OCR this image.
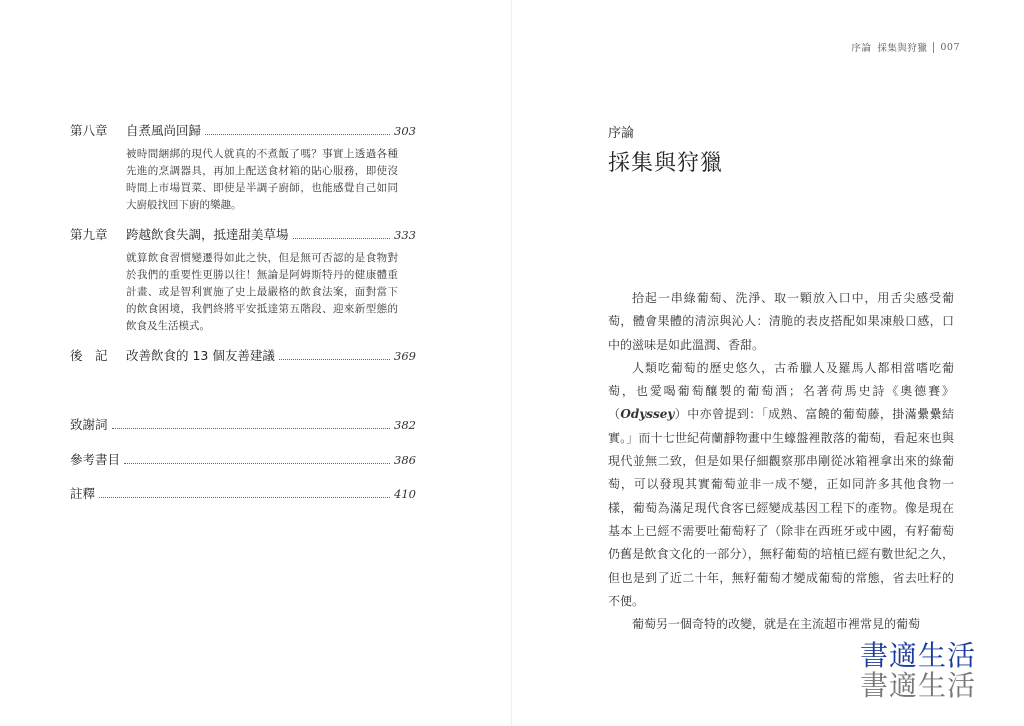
第八章	自煮風尚回歸	303
被時間綑綁的現代人就真的不煮飯了嗎？事實上透過各種先進的烹調器具，再加上配送食材箱的貼心服務，即使沒時間上市場買菜、即使是半調子廚師，也能感覺自己如同大廚般找回下廚的樂趣。
第九章	跨越飲食失調，抵達甜美草場	333
就算飲食習慣變遷得如此之快，但是無可否認的是食物對於我們的重要性更勝以往！無論是阿姆斯特丹的健康體重計畫、或是智利實施了史上最嚴格的飲食法案，面對當下的飲食困境，我們終將平安抵達第五階段、迎來新型態的飲食及生活模式。
後　記	改善飲食的 13 個友善建議	369
致謝詞	382
參考書目	386
註釋	410
序論 採集與狩獵 007
序論
採集與狩獵

拾起一串綠葡萄、洗淨、取一顆放入口中，用舌尖感受葡萄，體會果體的清涼與沁人：清脆的表皮搭配如果凍般口感，口中的滋味是如此溫潤、香甜。

人類吃葡萄的歷史悠久，古希臘人及羅馬人都相當嗜吃葡萄，也愛喝葡萄釀製的葡萄酒；名著荷馬史詩《奧德賽》（Odyssey）中亦曾提到：「成熟、富饒的葡萄藤，掛滿纍纍結實。」而十七世紀荷蘭靜物畫中生蠔盤裡散落的葡萄，看起來也與現代並無二致，但是如果仔細觀察那串剛從冰箱裡拿出來的綠葡萄，可以發現其實葡萄並非一成不變，正如同許多其他食物一樣，葡萄為滿足現代食客已經變成基因工程下的產物。像是現在基本上已經不需要吐葡萄籽了（除非在西班牙或中國，有籽葡萄仍舊是飲食文化的一部分），無籽葡萄的培植已經有數世紀之久，但也是到了近二十年，無籽葡萄才變成葡萄的常態，省去吐籽的不便。

葡萄另一個奇特的改變，就是在主流超市裡常見的葡萄

書適生活
書適生活
